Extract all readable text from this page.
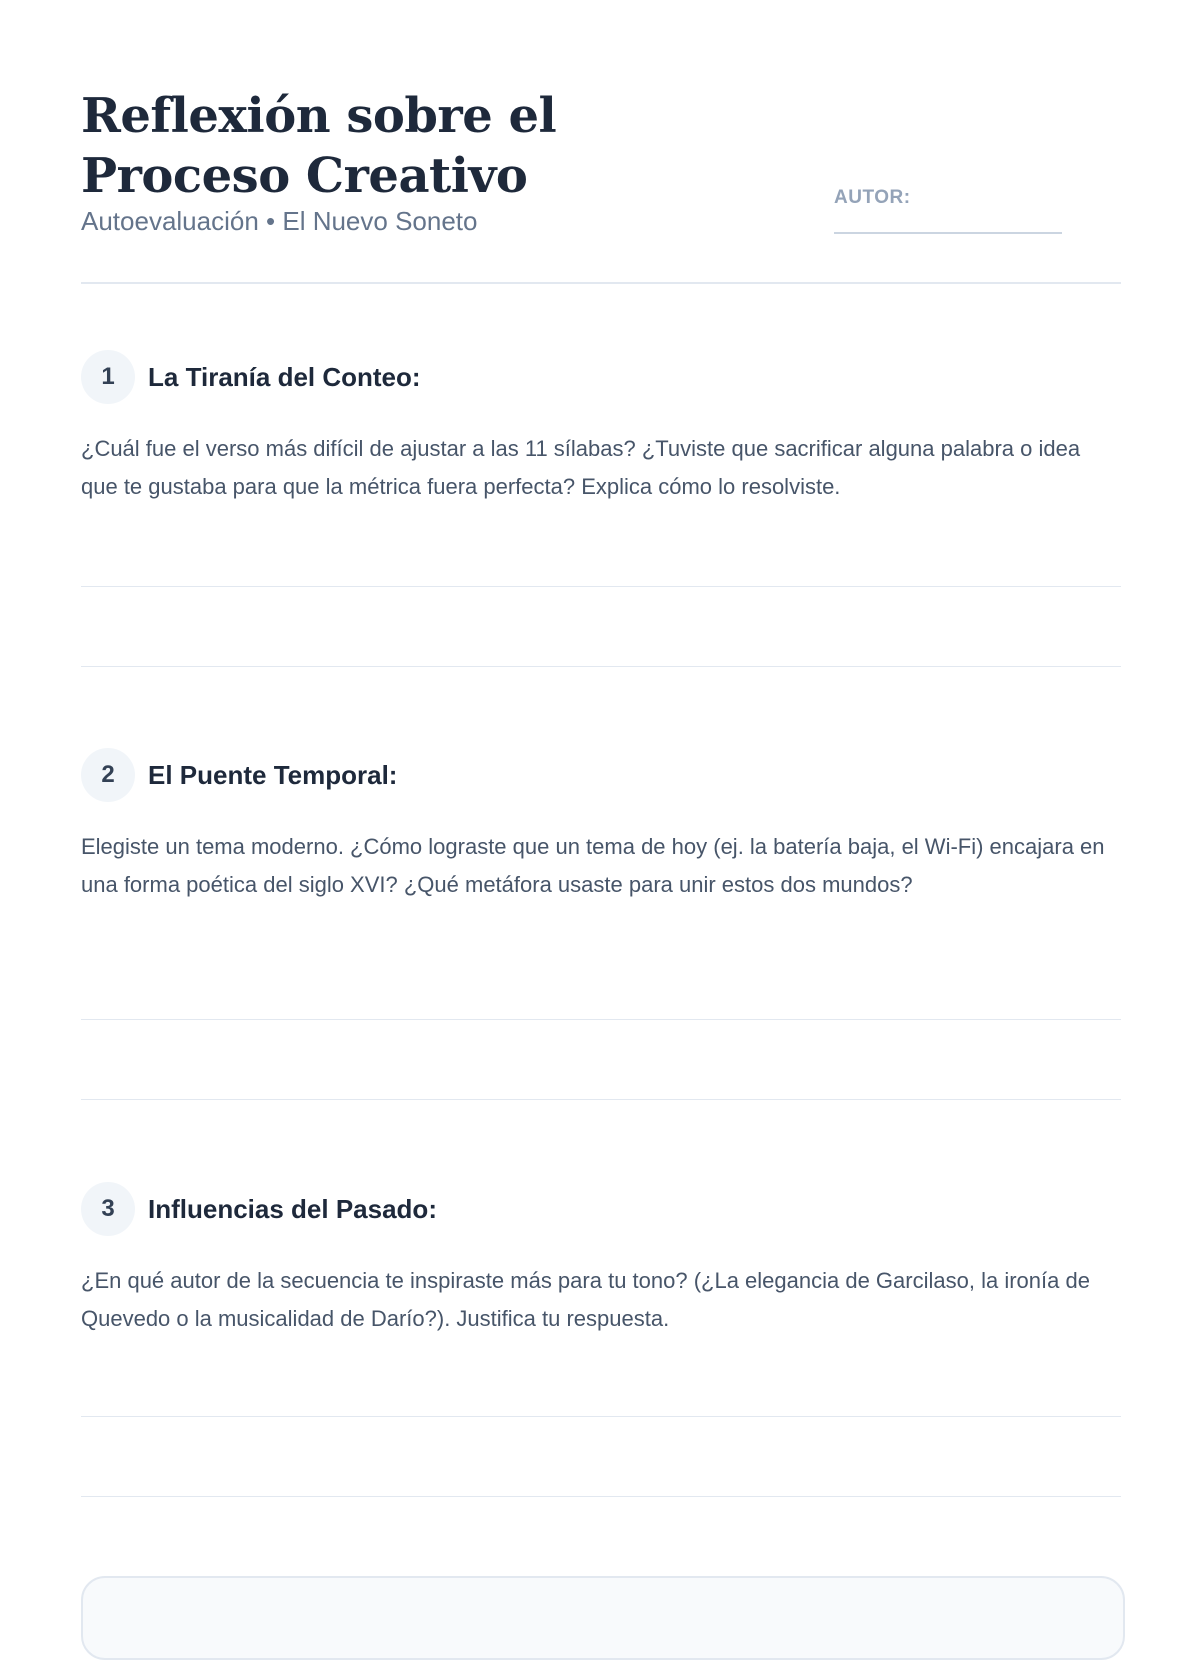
Reflexión sobre el Proceso Creativo

Autoevaluación • El Nuevo Soneto

AUTOR:
1	La Tiranía del Conteo:

¿Cuál fue el verso más difícil de ajustar a las 11 sílabas? ¿Tuviste que sacrificar alguna palabra o idea que te gustaba para que la métrica fuera perfecta? Explica cómo lo resolviste.

2	El Puente Temporal:

Elegiste un tema moderno. ¿Cómo lograste que un tema de hoy (ej. la batería baja, el Wi-Fi) encajara en una forma poética del siglo XVI? ¿Qué metáfora usaste para unir estos dos mundos?

3	Influencias del Pasado:

¿En qué autor de la secuencia te inspiraste más para tu tono? (¿La elegancia de Garcilaso, la ironía de Quevedo o la musicalidad de Darío?). Justifica tu respuesta.
